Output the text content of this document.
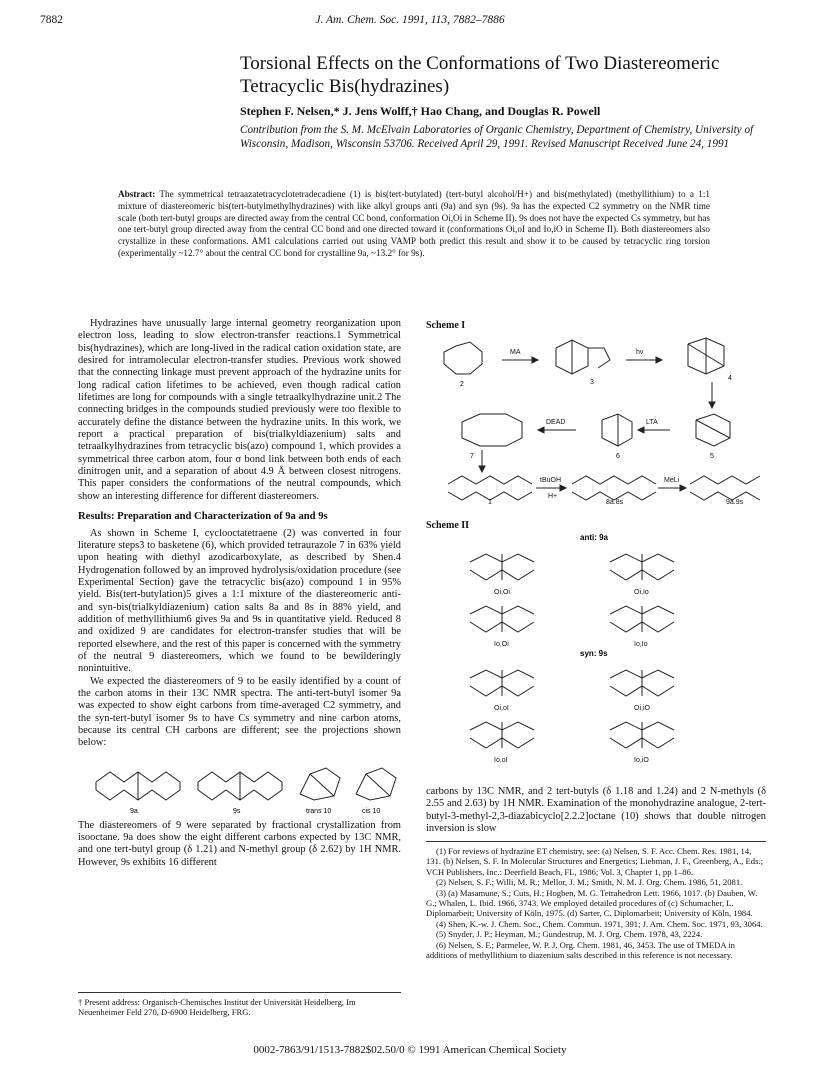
7882	J. Am. Chem. Soc. 1991, 113, 7882–7886
Torsional Effects on the Conformations of Two Diastereomeric Tetracyclic Bis(hydrazines)
Stephen F. Nelsen,* J. Jens Wolff,† Hao Chang, and Douglas R. Powell
Contribution from the S. M. McElvain Laboratories of Organic Chemistry, Department of Chemistry, University of Wisconsin, Madison, Wisconsin 53706. Received April 29, 1991. Revised Manuscript Received June 24, 1991
Abstract: The symmetrical tetraazatetracyclotetradecadiene (1) is bis(tert-butylated) (tert-butyl alcohol/H+) and bis(methylated) (methyllithium) to a 1:1 mixture of diastereomeric bis(tert-butylmethylhydrazines) with like alkyl groups anti (9a) and syn (9s). 9a has the expected C2 symmetry on the NMR time scale (both tert-butyl groups are directed away from the central CC bond, conformation Oi,Oi in Scheme II). 9s does not have the expected Cs symmetry, but has one tert-butyl group directed away from the central CC bond and one directed toward it (conformations Oi,oI and Io,iO in Scheme II). Both diastereomers also crystallize in these conformations. AM1 calculations carried out using VAMP both predict this result and show it to be caused by tetracyclic ring torsion (experimentally ~12.7° about the central CC bond for crystalline 9a, ~13.2° for 9s).

Hydrazines have unusually large internal geometry reorganization upon electron loss, leading to slow electron-transfer reactions.1 Symmetrical bis(hydrazines), which are long-lived in the radical cation oxidation state, are desired for intramolecular electron-transfer studies. Previous work showed that the connecting linkage must prevent approach of the hydrazine units for long radical cation lifetimes to be achieved, even though radical cation lifetimes are long for compounds with a single tetraalkylhydrazine unit.2 The connecting bridges in the compounds studied previously were too flexible to accurately define the distance between the hydrazine units. In this work, we report a practical preparation of bis(trialkyldiazenium) salts and tetraalkylhydrazines from tetracyclic bis(azo) compound 1, which provides a symmetrical three carbon atom, four σ bond link between both ends of each dinitrogen unit, and a separation of about 4.9 Å between closest nitrogens. This paper considers the conformations of the neutral compounds, which show an interesting difference for different diastereomers.

Results: Preparation and Characterization of 9a and 9s

As shown in Scheme I, cyclooctatetraene (2) was converted in four literature steps3 to basketene (6), which provided tetraurazole 7 in 63% yield upon heating with diethyl azodicarboxylate, as described by Shen.4 Hydrogenation followed by an improved hydrolysis/oxidation procedure (see Experimental Section) gave the tetracyclic bis(azo) compound 1 in 95% yield. Bis(tert-butylation)5 gives a 1:1 mixture of the diastereomeric anti- and syn-bis(trialkyldiazenium) cation salts 8a and 8s in 88% yield, and addition of methyllithium6 gives 9a and 9s in quantitative yield. Reduced 8 and oxidized 9 are candidates for electron-transfer studies that will be reported elsewhere, and the rest of this paper is concerned with the symmetry of the neutral 9 diastereomers, which we found to be bewilderingly nonintuitive.

We expected the diastereomers of 9 to be easily identified by a count of the carbon atoms in their 13C NMR spectra. The anti-tert-butyl isomer 9a was expected to show eight carbons from time-averaged C2 symmetry, and the syn-tert-butyl isomer 9s to have Cs symmetry and nine carbon atoms, because its central CH carbons are different; see the projections shown below:

9a	9s	trans 10	cis 10

The diastereomers of 9 were separated by fractional crystallization from isooctane. 9a does show the eight different carbons expected by 13C NMR, and one tert-butyl group (δ 1.21) and N-methyl group (δ 2.62) by 1H NMR. However, 9s exhibits 16 different

† Present address: Organisch-Chemisches Institut der Universität Heidelberg, Im Neuenheimer Feld 270, D-6900 Heidelberg, FRG.
Scheme I
MA	hν
DEAD	LTA
tBuOH
H+
MeLi
2	3
4
5
6
7
1	8a,8s	9a,9s
Scheme II
anti: 9a
syn: 9s
Oi,Oi	Oi,Io
Io,Oi	Io,Io
Oi,oI	Oi,iO
Io,oI	Io,iO
carbons by 13C NMR, and 2 tert-butyls (δ 1.18 and 1.24) and 2 N-methyls (δ 2.55 and 2.63) by 1H NMR. Examination of the monohydrazine analogue, 2-tert-butyl-3-methyl-2,3-diazabicyclo[2.2.2]octane (10) shows that double nitrogen inversion is slow
(1) For reviews of hydrazine ET chemistry, see: (a) Nelsen, S. F. Acc. Chem. Res. 1981, 14, 131. (b) Nelsen, S. F. In Molecular Structures and Energetics; Liebman, J. F., Greenberg, A., Eds.; VCH Publishers, Inc.: Deerfield Beach, FL, 1986; Vol. 3, Chapter 1, pp 1–86.
(2) Nelsen, S. F.; Willi, M. R.; Mellor, J. M.; Smith, N. M. J. Org. Chem. 1986, 51, 2081.
(3) (a) Masamune, S.; Cuts, H.; Hogben, M. G. Tetrahedron Lett. 1966, 1017. (b) Dauben, W. G.; Whalen, L. Ibid. 1966, 3743. We employed detailed procedures of (c) Schumacher, L. Diplomarbeit; University of Köln, 1975. (d) Sarter, C. Diplomarbeit; University of Köln, 1984.
(4) Shen, K.-w. J. Chem. Soc., Chem. Commun. 1971, 391; J. Am. Chem. Soc. 1971, 93, 3064.
(5) Snyder, J. P.; Heyman, M.; Gundestrup, M. J. Org. Chem. 1978, 43, 2224.
(6) Nelsen, S. F.; Parmelee, W. P. J. Org. Chem. 1981, 46, 3453. The use of TMEDA in additions of methyllithium to diazenium salts described in this reference is not necessary.
0002-7863/91/1513-7882$02.50/0 © 1991 American Chemical Society
